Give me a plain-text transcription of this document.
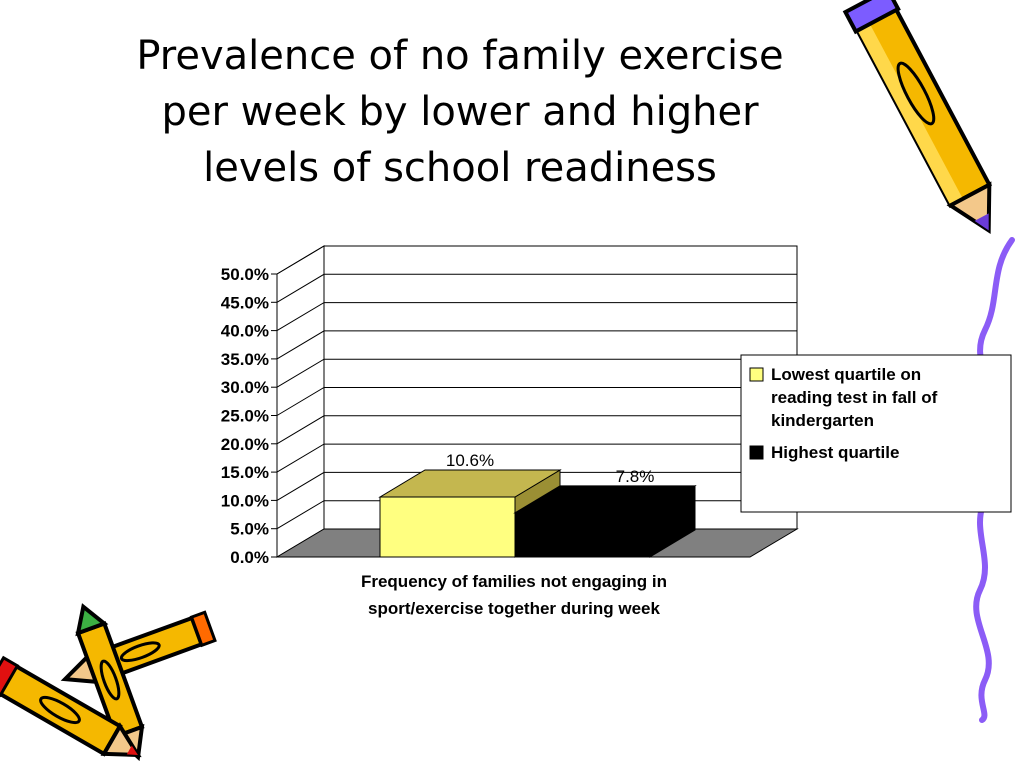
Prevalence of no family exercise
per week by lower and higher
levels of school readiness
0.0%
5.0%
10.0%
15.0%
20.0%
25.0%
30.0%
35.0%
40.0%
45.0%
50.0%
10.6%
7.8%
Frequency of families not engaging in
sport/exercise together during week
Lowest quartile on
reading test in fall of
kindergarten
Highest quartile
